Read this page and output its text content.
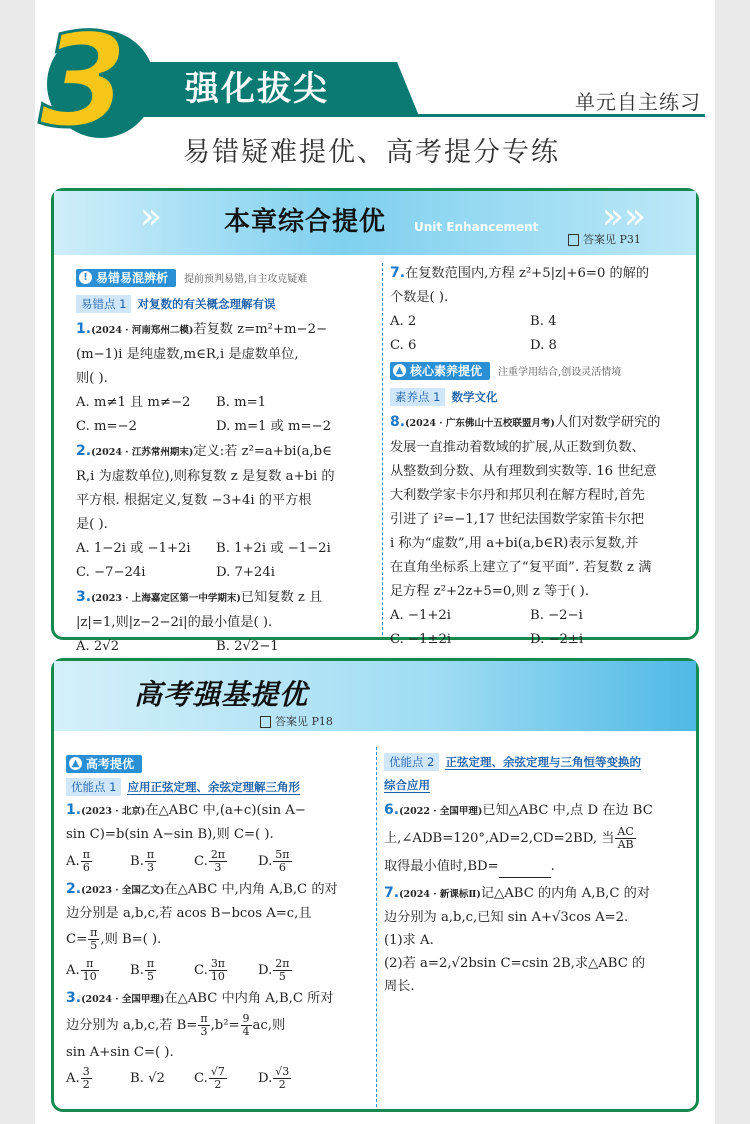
3	强化拔尖	单元自主练习
易错疑难提优、高考提分专练
» 本章综合提优 Unit Enhancement »»
答案见 P31
! 易错易混辨析 提前预判易错,自主攻克疑难
易错点 1 对复数的有关概念理解有误
1.(2024 · 河南郑州二模)若复数 z=m²+m−2−
(m−1)i 是纯虚数,m∈R,i 是虚数单位,
则( ).
A. m≠1 且 m≠−2	B. m=1
C. m=−2	D. m=1 或 m=−2
2.(2024 · 江苏常州期末)定义:若 z²=a+bi(a,b∈
R,i 为虚数单位),则称复数 z 是复数 a+bi 的
平方根. 根据定义,复数 −3+4i 的平方根
是( ).
A. 1−2i 或 −1+2i	B. 1+2i 或 −1−2i
C. −7−24i	D. 7+24i
3.(2023 · 上海嘉定区第一中学期末)已知复数 z 且
|z|=1,则|z−2−2i|的最小值是( ).
A. 2√2	B. 2√2−1
7.在复数范围内,方程 z²+5|z|+6=0 的解的
个数是( ).
A. 2	B. 4
C. 6	D. 8
▲ 核心素养提优 注重学用结合,创设灵活情境
素养点 1 数学文化
8.(2024 · 广东佛山十五校联盟月考)人们对数学研究的
发展一直推动着数域的扩展,从正数到负数、
从整数到分数、从有理数到实数等. 16 世纪意
大利数学家卡尔丹和邦贝利在解方程时,首先
引进了 i²=−1,17 世纪法国数学家笛卡尔把
i 称为“虚数”,用 a+bi(a,b∈R)表示复数,并
在直角坐标系上建立了“复平面”. 若复数 z 满
足方程 z²+2z+5=0,则 z 等于( ).
A. −1+2i	B. −2−i
C. −1±2i	D. −2±i
高考强基提优
答案见 P18
▲ 高考提优
优能点 1 应用正弦定理、余弦定理解三角形
1.(2023 · 北京)在△ABC 中,(a+c)(sin A−
sin C)=b(sin A−sin B),则 C=( ).
A. $\frac{\pi}{6}$	B. $\frac{\pi}{3}$	C. $\frac{2\pi}{3} D$. $\frac{5\pi}{6}$
2.(2023 · 全国乙文)在△ABC 中,内角 A,B,C 的对
边分别是 a,b,c,若 acos B−bcos A=c,且
$C= \frac{\pi}{5}$ ,则 B=( ).
A. $\frac{\pi}{10} B$. $\frac{\pi}{5}$	C. $\frac{3\pi}{10} D$. $\frac{2\pi}{5}$
3.(2024 · 全国甲理)在△ABC 中内角 A,B,C 所对
边分别为 a,b,c,若 $B= \frac{\pi}{3} ,b^2= \frac{9}{4}$ ac,则
sin A+sin C=( ).
A. $\frac{3}{2}$	B. √2	C. $\frac{√7}{2} D$. $\frac{√3}{2}$
优能点 2 正弦定理、余弦定理与三角恒等变换的 综合应用
6.(2022 · 全国甲理)已知△ABC 中,点 D 在边 BC
上,∠ADB=120°,AD=2,CD=2BD, 当 $\frac{AC}{AB}$
取得最小值时,BD=	.
7.(2024 · 新课标Ⅱ)记△ABC 的内角 A,B,C 的对
边分别为 a,b,c,已知 sin A+√3cos A=2.
(1)求 A.
(2)若 a=2,√2bsin C=csin 2B,求△ABC 的
周长.
